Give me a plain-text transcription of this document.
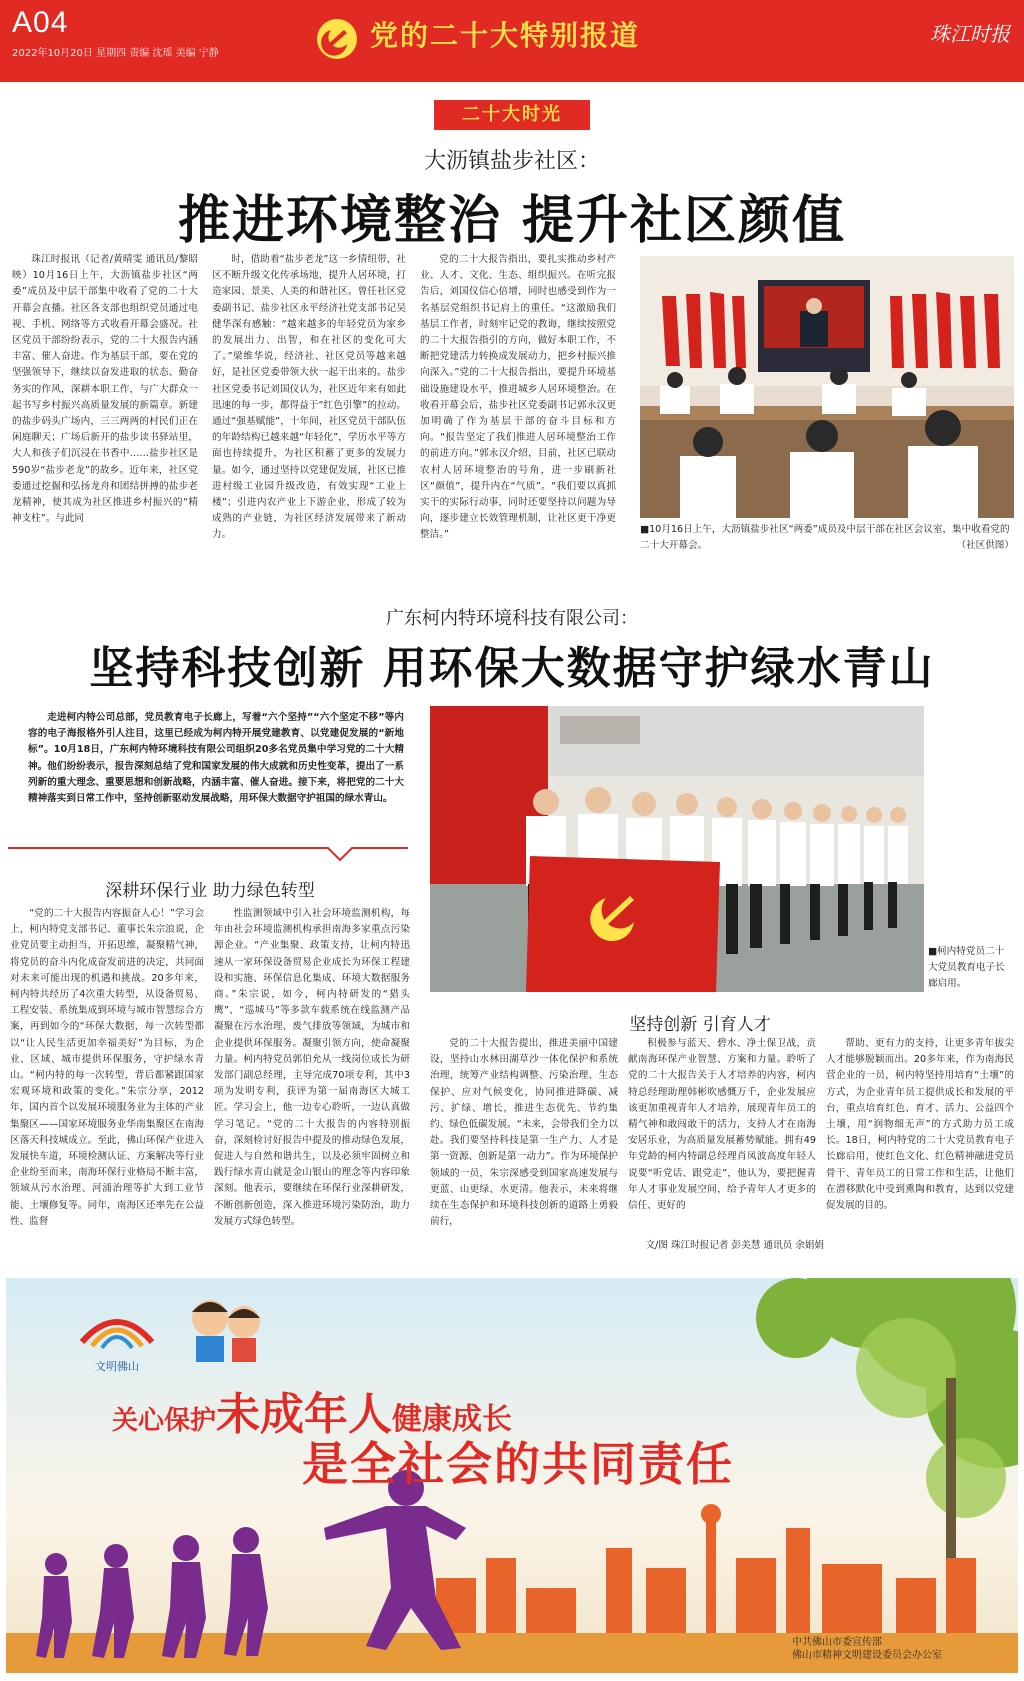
A04
2022年10月20日 星期四 责编 沈瑶 美编 宁静
党的二十大特别报道	珠江时报
二十大时光
大沥镇盐步社区：
推进环境整治 提升社区颜值

珠江时报讯（记者/黄晴雯 通讯员/黎昭映）10月16日上午，大沥镇盐步社区“两委”成员及中层干部集中收看了党的二十大开幕会直播。社区各支部也组织党员通过电视、手机、网络等方式收看开幕会盛况。社区党员干部纷纷表示，党的二十大报告内涵丰富、催人奋进。作为基层干部，要在党的坚强领导下，继续以奋发进取的状态、勤奋务实的作风，深耕本职工作，与广大群众一起书写乡村振兴高质量发展的新篇章。新建的盐步码头广场内，三三两两的村民们正在闲庭聊天；广场后新开的盐步读书驿站里，大人和孩子们沉浸在书香中……盐步社区是590岁“盐步老龙”的故乡。近年来，社区党委通过挖掘和弘扬龙舟和团结拼搏的盐步老龙精神，使其成为社区推进乡村振兴的“精神支柱”。与此同

时，借助着“盐步老龙”这一乡情纽带，社区不断升级文化传承场地，提升人居环境，打造家园、景美、人美的和谐社区。曾任社区党委副书记、盐步社区永平经济社党支部书记吴健华深有感触：“越来越多的年轻党员为家乡的发展出力、出智，和在社区的变化可大了。”梁维华说，经济社、社区党员等越来越好，是社区党委带领大伙一起干出来的。盐步社区党委书记刘国仪认为，社区近年来有如此迅速的每一步，都得益于“红色引擎”的拉动。通过“强基赋能”，十年间，社区党员干部队伍的年龄结构已越来越“年轻化”，学历水平等方面也持续提升，为社区积蓄了更多的发展力量。如今，通过坚持以党建促发展，社区已推进村级工业园升级改造，有效实现“工业上楼”；引进内农产业上下游企业，形成了较为成熟的产业链，为社区经济发展带来了新动力。

党的二十大报告指出，要扎实推动乡村产业、人才、文化、生态、组织振兴。在听完报告后，刘国仪信心倍增，同时也感受到作为一名基层党组织书记肩上的重任。“这激励我们基层工作者，时刻牢记党的教诲，继续按照党的二十大报告指引的方向，做好本职工作，不断把党建活力转换成发展动力，把乡村振兴推向深入。”党的二十大报告指出，要提升环境基础设施建设水平，推进城乡人居环境整治。在收看开幕会后，盐步社区党委副书记郭永汉更加明确了作为基层干部的奋斗目标和方向。“报告坚定了我们推进人居环境整治工作的前进方向。”郭永汉介绍，目前，社区已联动农村人居环境整治的号角，进一步刷新社区“颜值”，提升内在“气质”。“我们要以真抓实干的实际行动事，同时还要坚持以问题为导向，逐步建立长效管理机制，让社区更干净更整洁。”	■10月16日上午，大沥镇盐步社区“两委”成员及中层干部在社区会议室，集中收看党的二十大开幕会。	（社区供图）
广东柯内特环境科技有限公司：
坚持科技创新 用环保大数据守护绿水青山

走进柯内特公司总部，党员教育电子长廊上，写着“六个坚持”“六个坚定不移”等内容的电子海报格外引人注目，这里已经成为柯内特开展党建教育、以党建促发展的“新地标”。10月18日，广东柯内特环境科技有限公司组织20多名党员集中学习党的二十大精神。他们纷纷表示，报告深刻总结了党和国家发展的伟大成就和历史性变革，提出了一系列新的重大理念、重要思想和创新战略，内涵丰富、催人奋进。接下来，将把党的二十大精神落实到日常工作中，坚持创新驱动发展战略，用环保大数据守护祖国的绿水青山。

深耕环保行业 助力绿色转型

“党的二十大报告内容振奋人心！”学习会上，柯内特党支部书记、董事长朱宗浪说，企业党员要主动担当，开拓思维，凝聚精气神，将党员的奋斗内化成奋发前进的决定，共同面对未来可能出现的机遇和挑战。20多年来，柯内特共经历了4次重大转型，从设备贸易、工程安装、系统集成到环境与城市智慧综合方案，再到如今的“环保大数据，每一次转型都以“让人民生活更加幸福美好”为目标，为企业、区域、城市提供环保服务，守护绿水青山。“柯内特的每一次转型，背后都紧跟国家宏观环境和政策的变化。”朱宗分享，2012年，国内首个以发展环境服务业为主体的产业集聚区——国家环境服务业华南集聚区在南海区落天科技城成立。至此，佛山环保产业进入发展快车道，环境检测认证、方案解决等行业企业纷至而来，南海环保行业格局不断丰富，领域从污水治理、河涌治理等扩大到工业节能、土壤修复等。同年，南海区还率先在公益性、监督

性监测领域中引入社会环境监测机构，每年由社会环境监测机构承担南海多家重点污染源企业。“产业集聚、政策支持，让柯内特迅速从一家环保设备贸易企业成长为环保工程建设和实施、环保信息化集成、环境大数据服务商。”朱宗说，如今，柯内特研发的“猎头鹰”、“巡城马”等多款车载系统在线监测产品凝聚在污水治理、废气排放等领域，为城市和企业提供环保服务。凝聚引领方向，使命凝聚力量。柯内特党员郭伯允从一线岗位成长为研发部门副总经理，主导完成70项专利，其中3项为发明专利，获评为第一届南海区大城工匠。学习会上，他一边专心聆听，一边认真做学习笔记。“党的二十大报告的内容特别振奋，深刻检讨好报告中提及的推动绿色发展，促进人与自然和谐共生，以及必须牢固树立和践行绿水青山就是金山银山的理念等内容印象深刻。他表示，要继续在环保行业深耕研发，不断创新创造，深入推进环境污染防治，助力发展方式绿色转型。

■柯内特党员二十大党员教育电子长廊启用。
坚持创新 引育人才

党的二十大报告提出，推进美丽中国建设，坚持山水林田湖草沙一体化保护和系统治理，统筹产业结构调整、污染治理、生态保护、应对气候变化，协同推进降碳、减污、扩绿、增长，推进生态优先、节约集约、绿色低碳发展。“未来，会带我们全力以赴。我们要坚持科技是第一生产力、人才是第一资源、创新是第一动力”。作为环境保护领域的一员，朱宗深感受到国家高速发展与更蓝、山更绿、水更清。他表示，未来将继续在生态保护和环境科技创新的道路上勇毅前行，

积极参与蓝天、碧水、净土保卫战，贡献南海环保产业智慧、方案和力量。聆听了党的二十大报告关于人才培养的内容，柯内特总经理助理韩彬吹感慨万千，企业发展应该更加重视青年人才培养，展现青年员工的精气神和敢闯敢干的活力，支持人才在南海安居乐业，为高质量发展蓄势赋能。拥有49年党龄的柯内特副总经理肖凤波高度年轻人说要“听党话、跟党走”，他认为，要把握青年人才事业发展空间，给予青年人才更多的信任、更好的

帮助、更有力的支持，让更多青年拔尖人才能够脱颖而出。20多年来，作为南海民营企业的一员，柯内特坚持用培育“土壤”的方式，为企业青年员工提供成长和发展的平台，重点培育红色、育才、活力、公益四个土壤，用“润物细无声”的方式助力员工成长。18日，柯内特党的二十大党员教育电子长廊启用，使红色文化、红色精神融进党员骨干、青年员工的日常工作和生活，让他们在潜移默化中受到熏陶和教育，达到以党建促发展的目的。

文/图 珠江时报记者 彭美慧 通讯员 余娟娟
文明佛山
关心保护未成年人健康成长
是全社会的共同责任
中共佛山市委宣传部
佛山市精神文明建设委员会办公室
